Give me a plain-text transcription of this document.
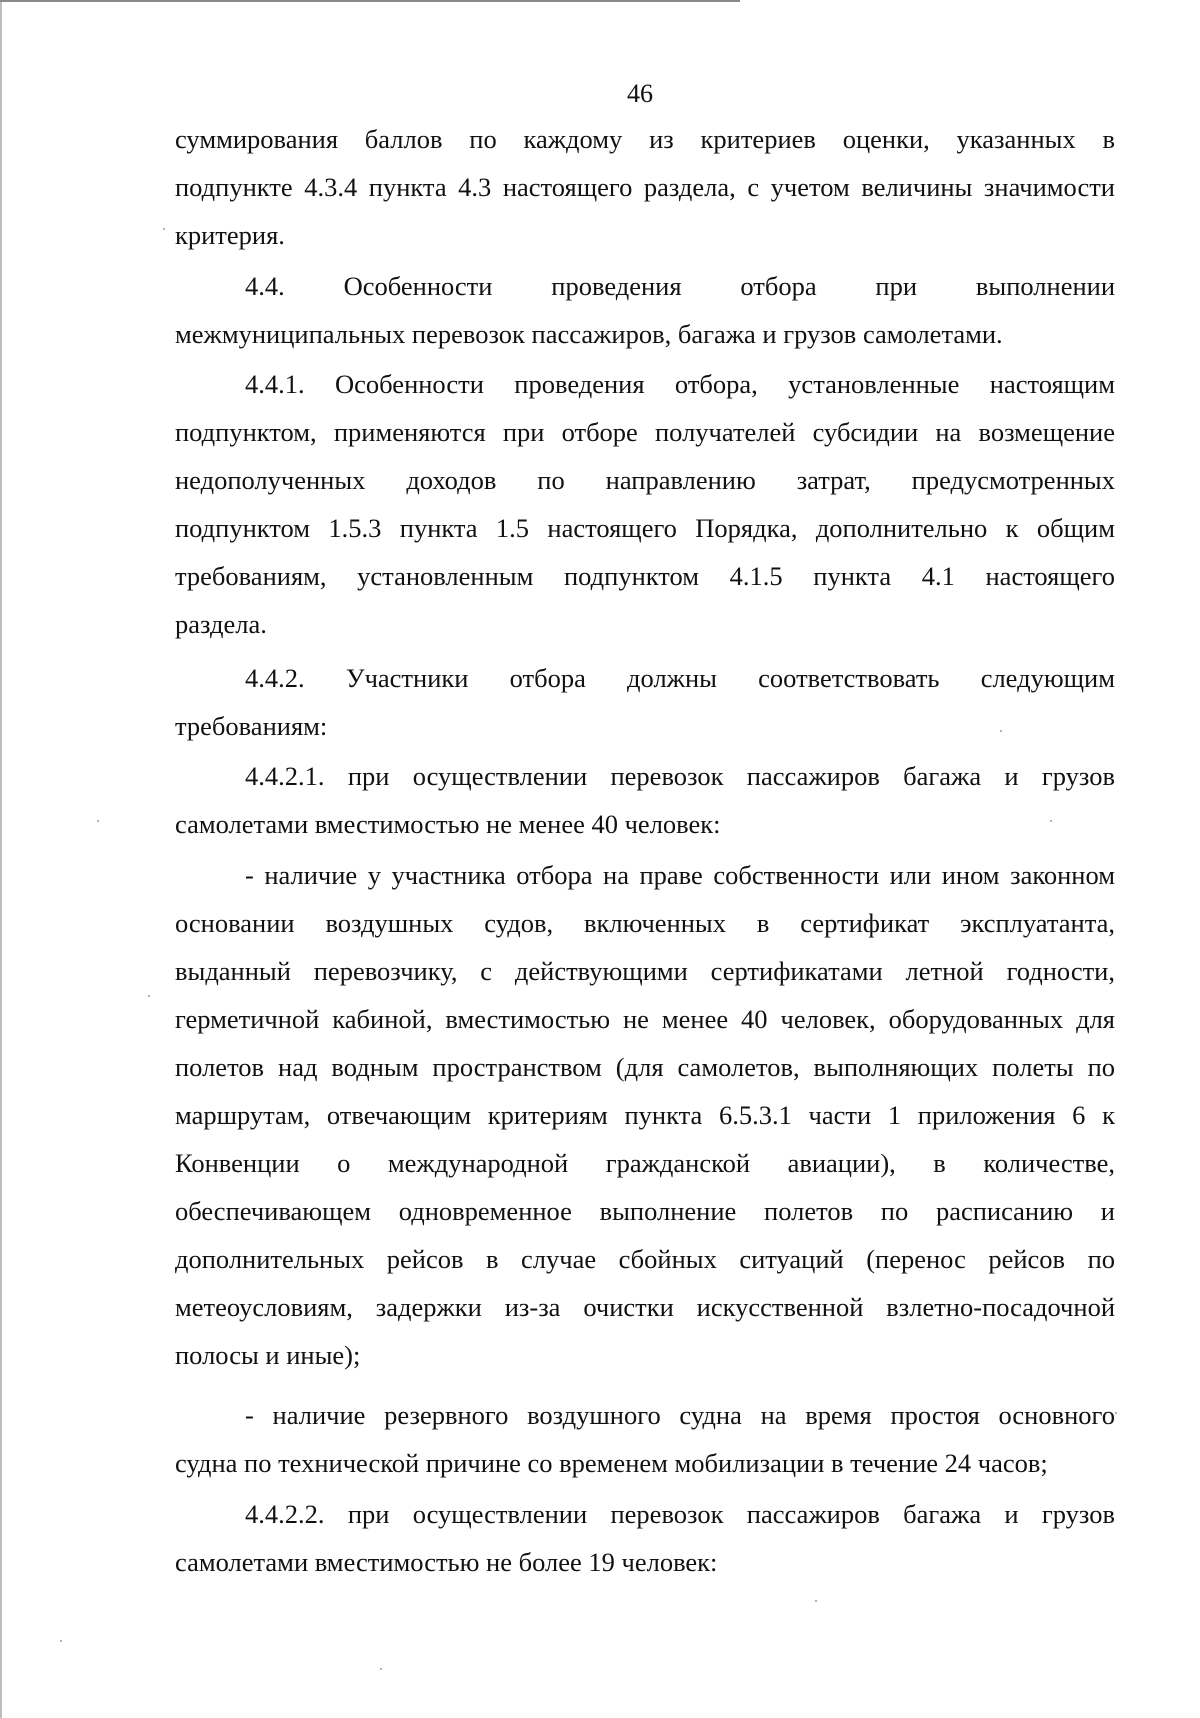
46
суммирования баллов по каждому из критериев оценки, указанных в
подпункте 4.3.4 пункта 4.3 настоящего раздела, с учетом величины значимости
критерия.
4.4. Особенности проведения отбора при выполнении
межмуниципальных перевозок пассажиров, багажа и грузов самолетами.
4.4.1. Особенности проведения отбора, установленные настоящим
подпунктом, применяются при отборе получателей субсидии на возмещение
недополученных доходов по направлению затрат, предусмотренных
подпунктом 1.5.3 пункта 1.5 настоящего Порядка, дополнительно к общим
требованиям, установленным подпунктом 4.1.5 пункта 4.1 настоящего
раздела.
4.4.2. Участники отбора должны соответствовать следующим
требованиям:
4.4.2.1. при осуществлении перевозок пассажиров багажа и грузов
самолетами вместимостью не менее 40 человек:
- наличие у участника отбора на праве собственности или ином законном
основании воздушных судов, включенных в сертификат эксплуатанта,
выданный перевозчику, с действующими сертификатами летной годности,
герметичной кабиной, вместимостью не менее 40 человек, оборудованных для
полетов над водным пространством (для самолетов, выполняющих полеты по
маршрутам, отвечающим критериям пункта 6.5.3.1 части 1 приложения 6 к
Конвенции о международной гражданской авиации), в количестве,
обеспечивающем одновременное выполнение полетов по расписанию и
дополнительных рейсов в случае сбойных ситуаций (перенос рейсов по
метеоусловиям, задержки из-за очистки искусственной взлетно-посадочной
полосы и иные);
- наличие резервного воздушного судна на время простоя основного
судна по технической причине со временем мобилизации в течение 24 часов;
4.4.2.2. при осуществлении перевозок пассажиров багажа и грузов
самолетами вместимостью не более 19 человек:
